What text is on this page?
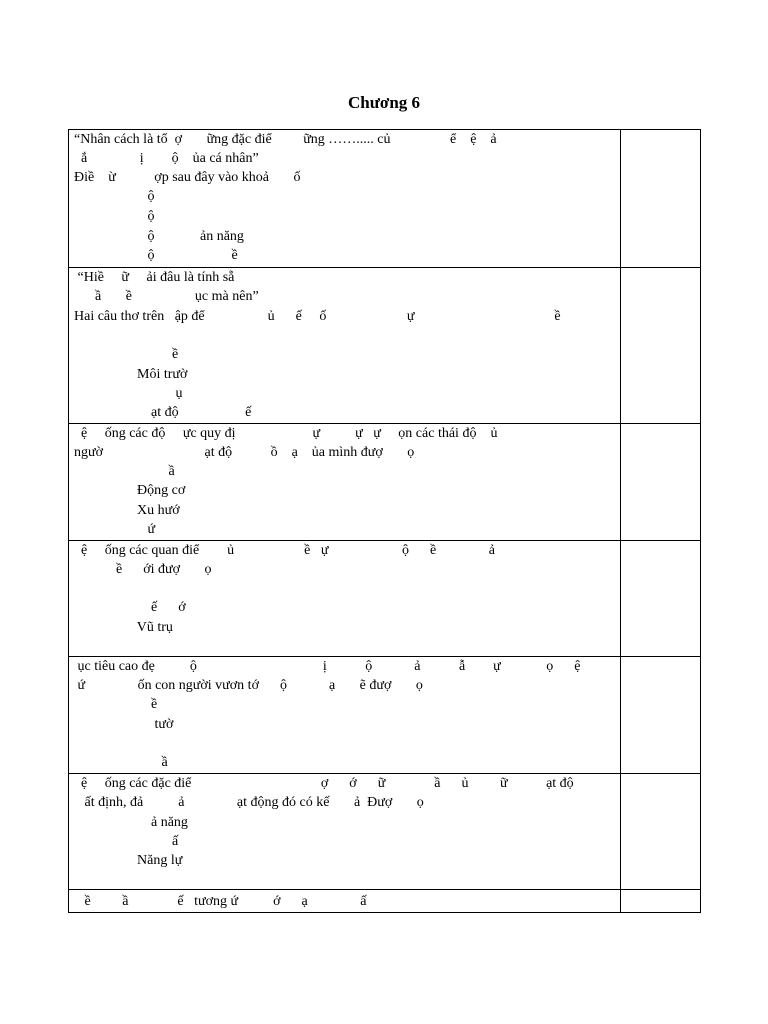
Chương 6
“Nhân cách là tổ  ợ       ững đặc điể         ững ……..... củ                 ể    ệ    ả
ắ               ị        ộ    ủa cá nhân”
Điề    ừ           ợp sau đây vào khoả       ố
ộ
ộ
ộ             ản năng
ộ                      ề
“Hiề     ữ     ải đâu là tính sẵ
ầ       ề                  ục mà nên”
Hai câu thơ trên   ập để                  ủ      ế     ố                       ự                                        ề
ề
Môi trườ
ụ
ạt độ                   ế
ệ     ống các độ     ực quy đị                      ự          ự   ự     ọn các thái độ    ủ
ngườ                             ạt độ           ồ    ạ    ủa mình đượ       ọ
ầ
Động cơ
Xu hướ
ứ
ệ     ống các quan điể        ủ                    ề   ự                     ộ      ề               ả
ề      ới đượ       ọ
ế      ớ
Vũ trụ
ục tiêu cao đẹ          ộ                                    ị           ộ            ả           ẫ        ự             ọ      ệ
ứ               ốn con người vươn tớ      ộ            ạ       ẽ đượ       ọ
ề
tườ
ầ
ệ     ống các đặc điể                                     ợ      ớ      ữ              ầ      ủ         ữ           ạt độ
ất định, đả          ả               ạt động đó có kế       ả  Đượ       ọ
ả năng
ấ
Năng lự
ề         ầ              ế   tương ứ          ớ      ạ               ấ
